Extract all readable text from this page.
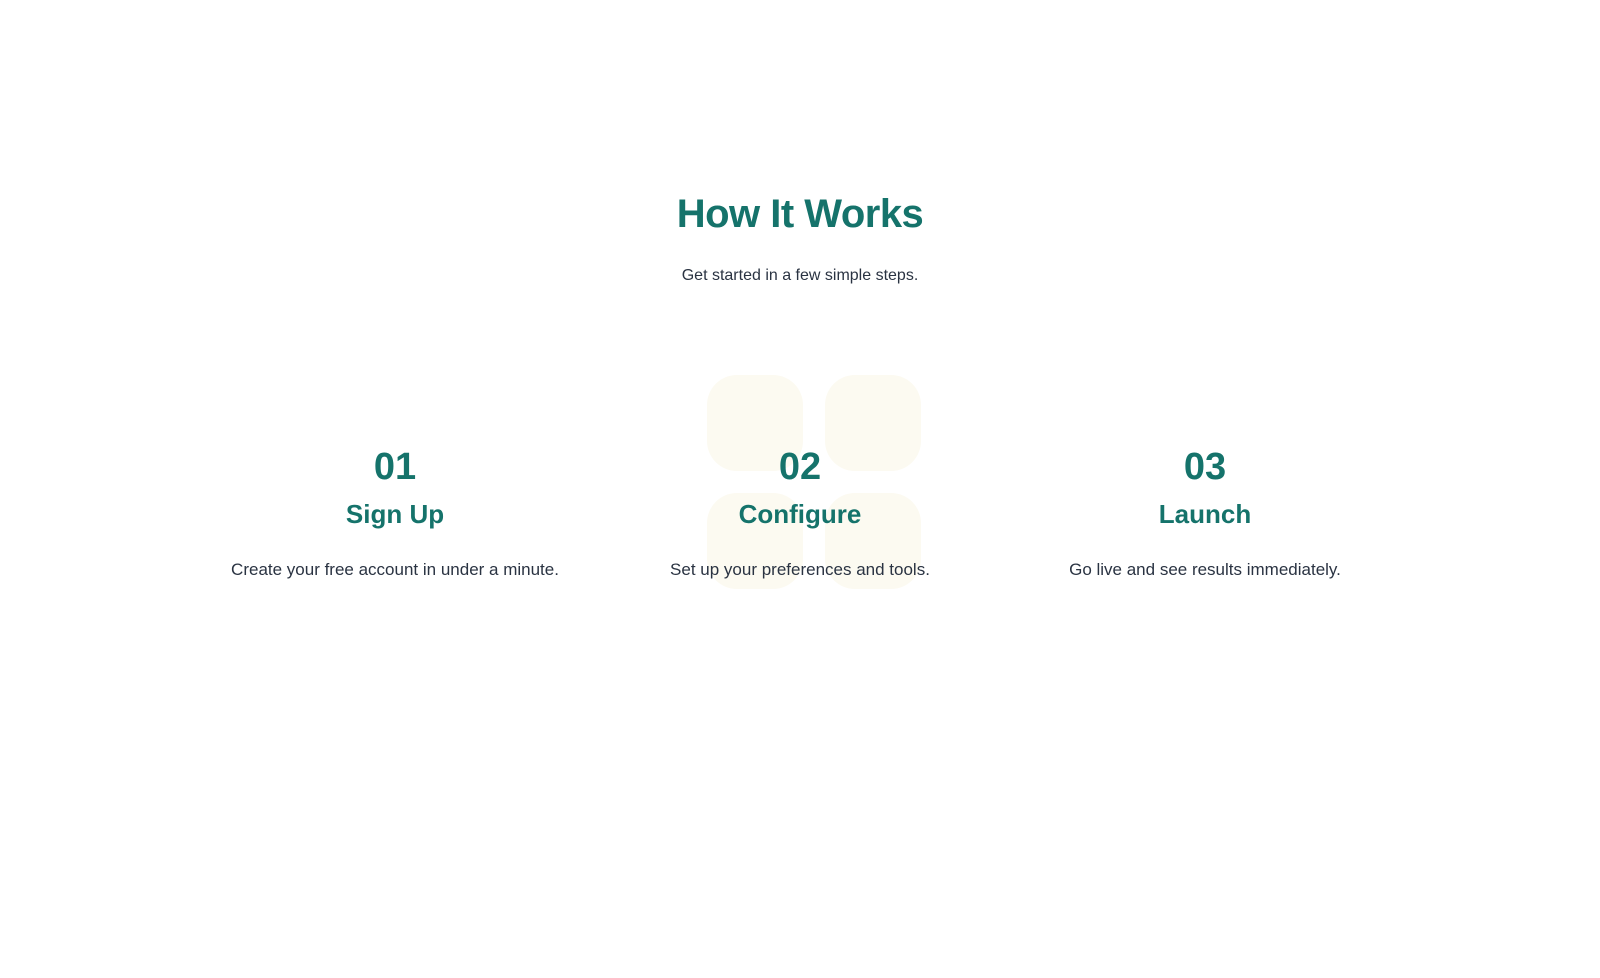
How It Works

Get started in a few simple steps.

01
Sign Up
Create your free account in under a minute.
02
Configure
Set up your preferences and tools.
03
Launch
Go live and see results immediately.
